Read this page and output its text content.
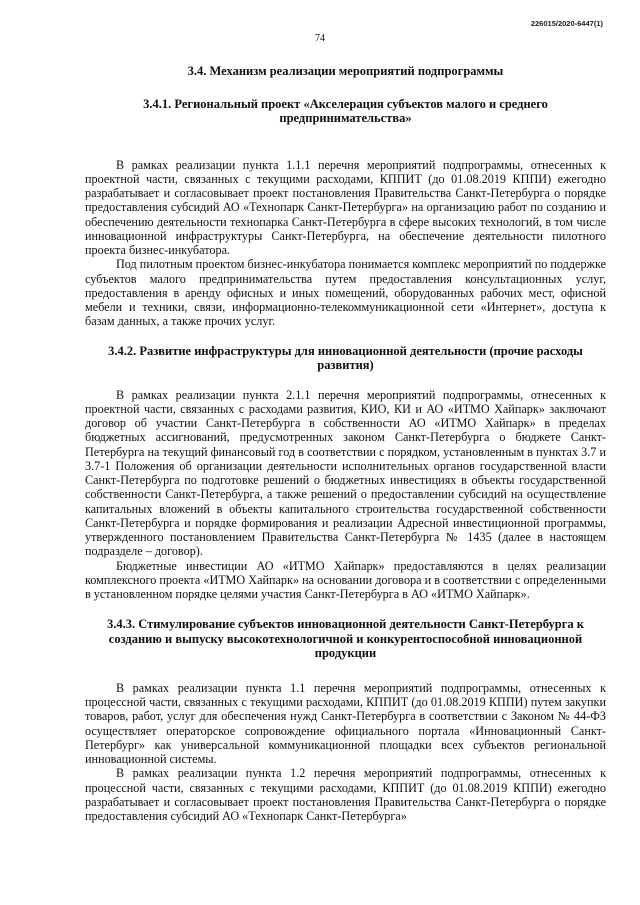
226015/2020-6447(1)
74
3.4. Механизм реализации мероприятий подпрограммы
3.4.1. Региональный проект «Акселерация субъектов малого и среднего предпринимательства»

В рамках реализации пункта 1.1.1 перечня мероприятий подпрограммы, отнесенных к проектной части, связанных с текущими расходами, КППИТ (до 01.08.2019 КППИ) ежегодно разрабатывает и согласовывает проект постановления Правительства Санкт-Петербурга о порядке предоставления субсидий АО «Технопарк Санкт-Петербурга» на организацию работ по созданию и обеспечению деятельности технопарка Санкт-Петербурга в сфере высоких технологий, в том числе инновационной инфраструктуры Санкт-Петербурга, на обеспечение деятельности пилотного проекта бизнес-инкубатора.

Под пилотным проектом бизнес-инкубатора понимается комплекс мероприятий по поддержке субъектов малого предпринимательства путем предоставления консультационных услуг, предоставления в аренду офисных и иных помещений, оборудованных рабочих мест, офисной мебели и техники, связи, информационно-телекоммуникационной сети «Интернет», доступа к базам данных, а также прочих услуг.

3.4.2. Развитие инфраструктуры для инновационной деятельности (прочие расходы развития)

В рамках реализации пункта 2.1.1 перечня мероприятий подпрограммы, отнесенных к проектной части, связанных с расходами развития, КИО, КИ и АО «ИТМО Хайпарк» заключают договор об участии Санкт-Петербурга в собственности АО «ИТМО Хайпарк» в пределах бюджетных ассигнований, предусмотренных законом Санкт-Петербурга о бюджете Санкт-Петербурга на текущий финансовый год в соответствии с порядком, установленным в пунктах 3.7 и 3.7-1 Положения об организации деятельности исполнительных органов государственной власти Санкт-Петербурга по подготовке решений о бюджетных инвестициях в объекты государственной собственности Санкт-Петербурга, а также решений о предоставлении субсидий на осуществление капитальных вложений в объекты капитального строительства государственной собственности Санкт-Петербурга и порядке формирования и реализации Адресной инвестиционной программы, утвержденного постановлением Правительства Санкт-Петербурга № 1435 (далее в настоящем подразделе – договор).

Бюджетные инвестиции АО «ИТМО Хайпарк» предоставляются в целях реализации комплексного проекта «ИТМО Хайпарк» на основании договора и в соответствии с определенными в установленном порядке целями участия Санкт-Петербурга в АО «ИТМО Хайпарк».

3.4.3. Стимулирование субъектов инновационной деятельности Санкт-Петербурга к созданию и выпуску высокотехнологичной и конкурентоспособной инновационной продукции

В рамках реализации пункта 1.1 перечня мероприятий подпрограммы, отнесенных к процессной части, связанных с текущими расходами, КППИТ (до 01.08.2019 КППИ) путем закупки товаров, работ, услуг для обеспечения нужд Санкт-Петербурга в соответствии с Законом № 44-ФЗ осуществляет операторское сопровождение официального портала «Инновационный Санкт-Петербург» как универсальной коммуникационной площадки всех субъектов региональной инновационной системы.

В рамках реализации пункта 1.2 перечня мероприятий подпрограммы, отнесенных к процессной части, связанных с текущими расходами, КППИТ (до 01.08.2019 КППИ) ежегодно разрабатывает и согласовывает проект постановления Правительства Санкт-Петербурга о порядке предоставления субсидий АО «Технопарк Санкт-Петербурга»
